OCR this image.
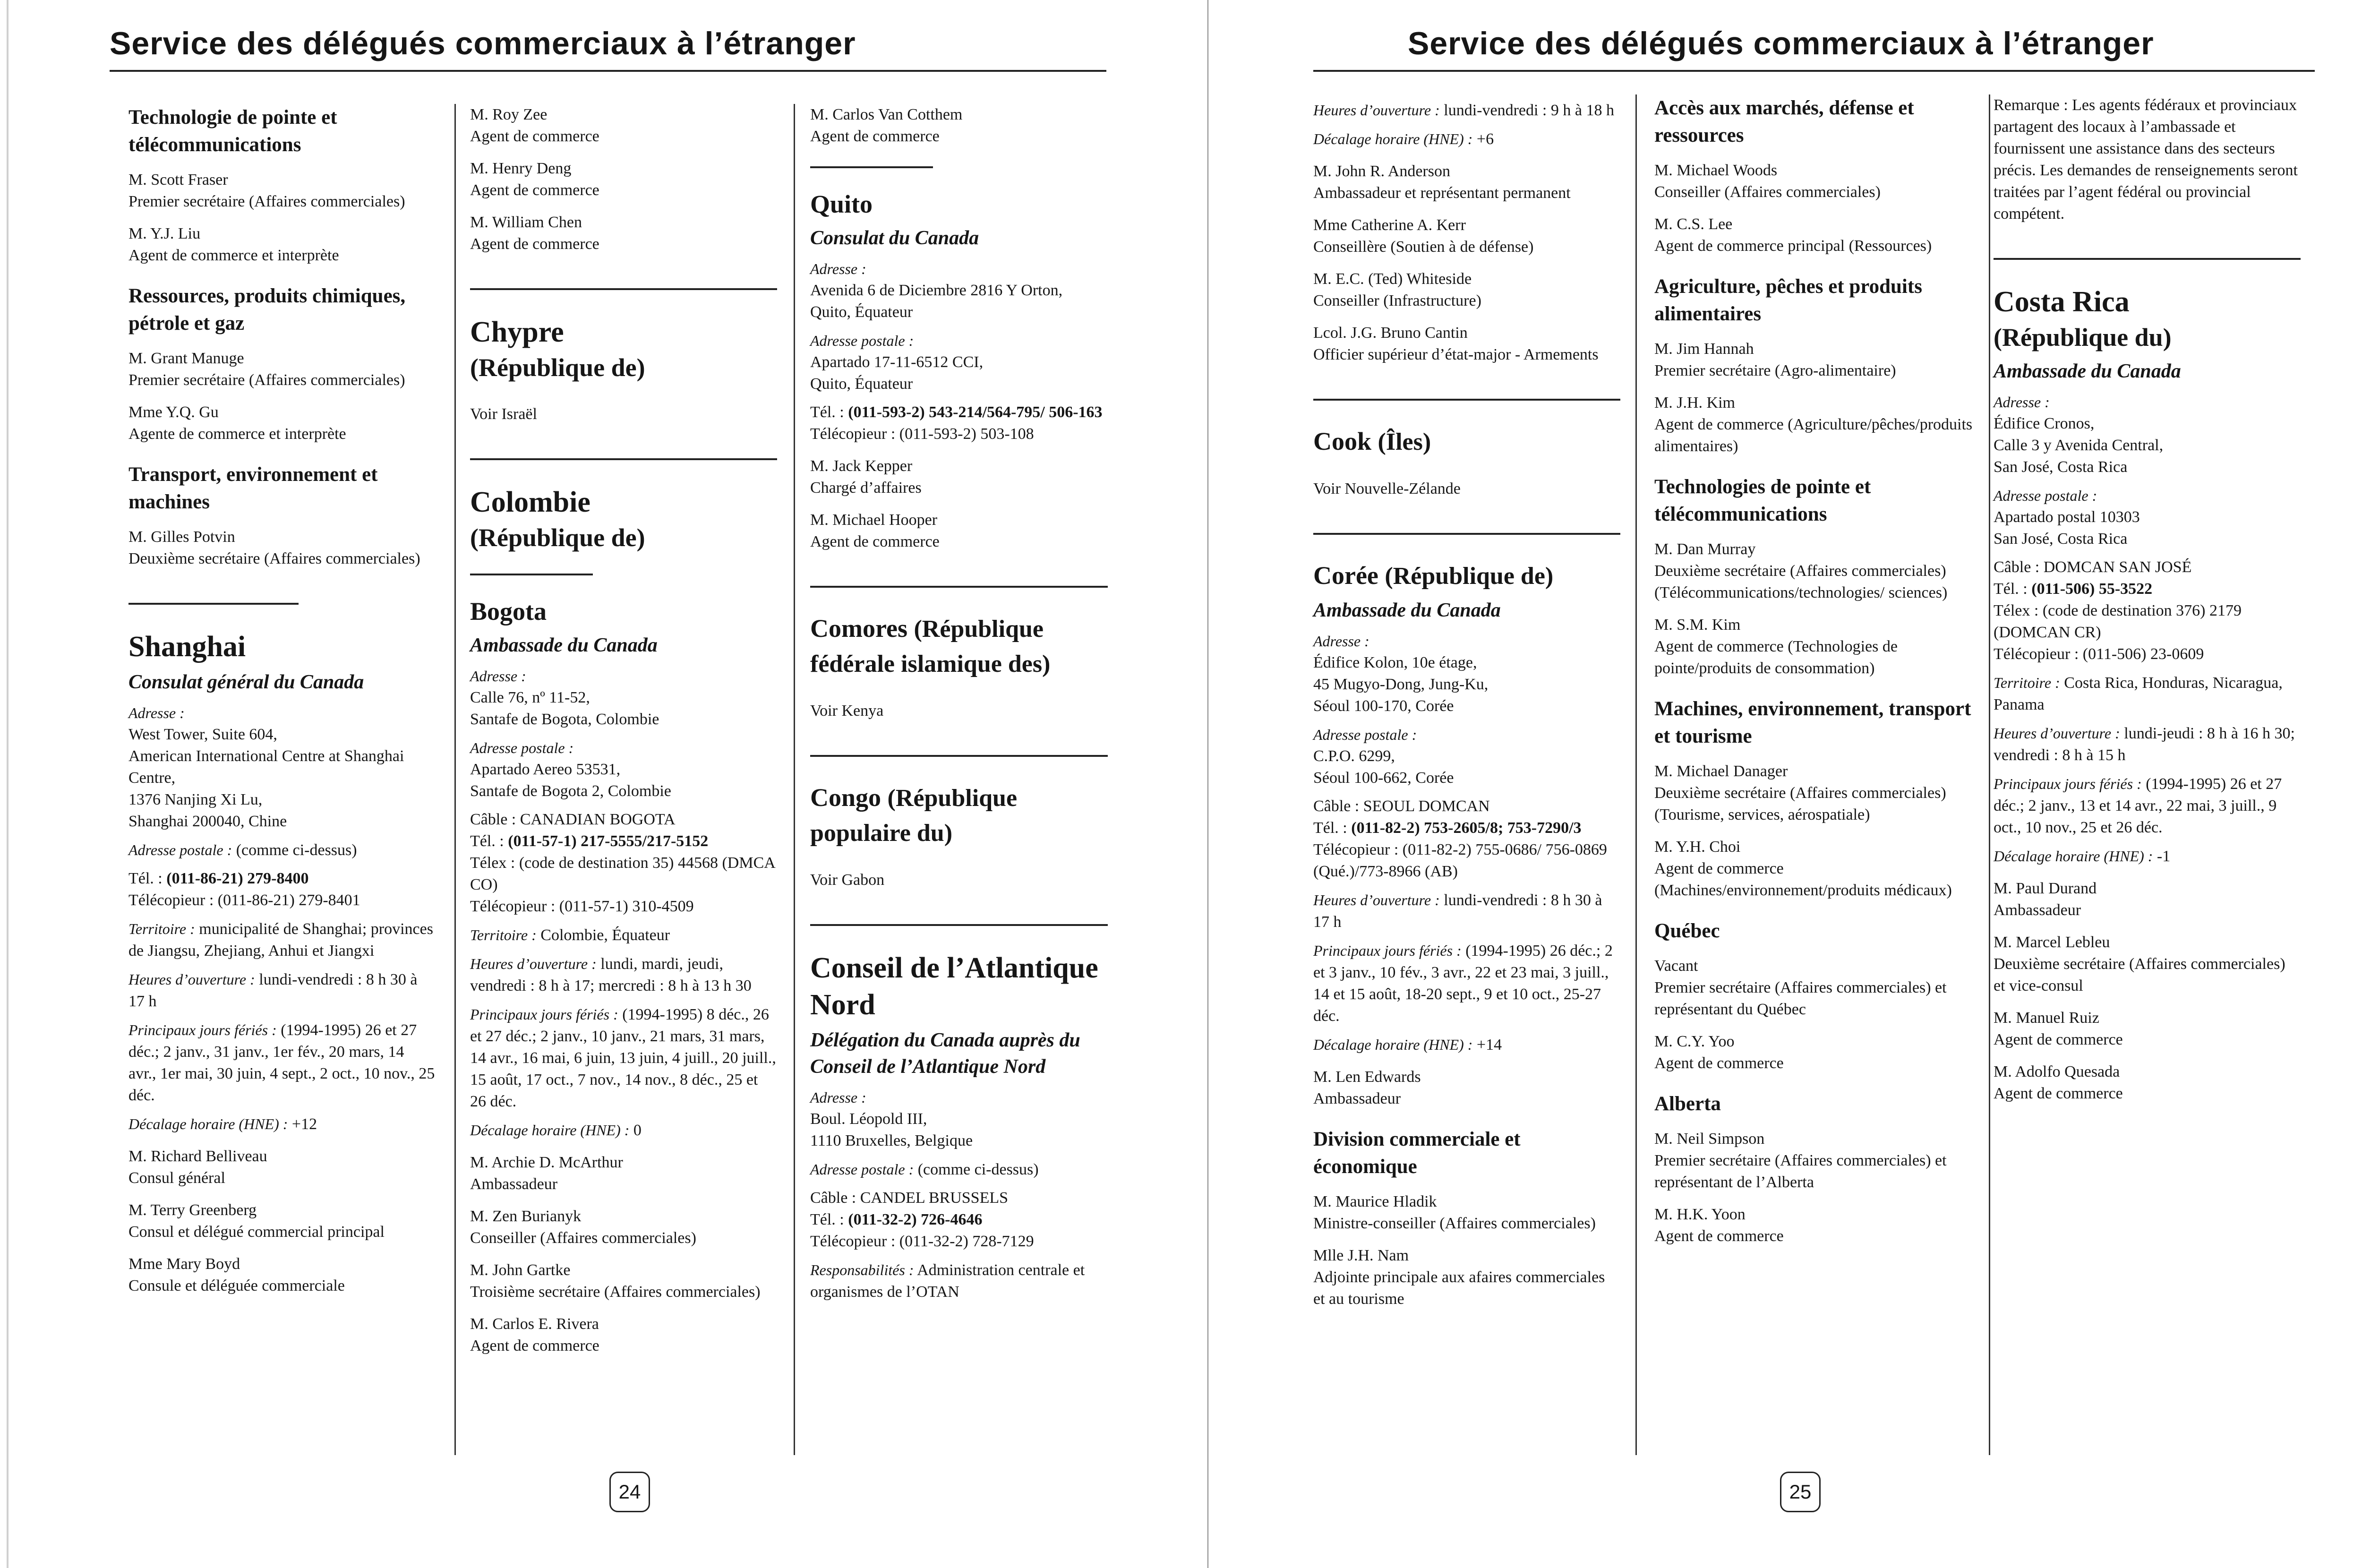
Service des délégués commerciaux à l’étranger

Technologie de pointe et télécommunications

M. Scott Fraser

Premier secrétaire (Affaires commerciales)

M. Y.J. Liu

Agent de commerce et interprète

Ressources, produits chimiques, pétrole et gaz

M. Grant Manuge

Premier secrétaire (Affaires commerciales)

Mme Y.Q. Gu

Agente de commerce et interprète

Transport, environnement et machines

M. Gilles Potvin

Deuxième secrétaire (Affaires commerciales)

Shanghai

Consulat général du Canada

Adresse :

West Tower, Suite 604,

American International Centre at Shanghai Centre,

1376 Nanjing Xi Lu,

Shanghai 200040, Chine

Adresse postale : (comme ci-dessus)

Tél. : (011-86-21) 279-8400

Télécopieur : (011-86-21) 279-8401

Territoire : municipalité de Shanghai; provinces de Jiangsu, Zhejiang, Anhui et Jiangxi

Heures d’ouverture : lundi-vendredi : 8 h 30 à 17 h

Principaux jours fériés : (1994-1995) 26 et 27 déc.; 2 janv., 31 janv., 1er fév., 20 mars, 14 avr., 1er mai, 30 juin, 4 sept., 2 oct., 10 nov., 25 déc.

Décalage horaire (HNE) : +12

M. Richard Belliveau

Consul général

M. Terry Greenberg

Consul et délégué commercial principal

Mme Mary Boyd

Consule et déléguée commerciale

M. Roy Zee

Agent de commerce

M. Henry Deng

Agent de commerce

M. William Chen

Agent de commerce

Chypre

(République de)

Voir Israël

Colombie

(République de)

Bogota

Ambassade du Canada

Adresse :

Calle 76, nº 11-52,

Santafe de Bogota, Colombie

Adresse postale :

Apartado Aereo 53531,

Santafe de Bogota 2, Colombie

Câble : CANADIAN BOGOTA

Tél. : (011-57-1) 217-5555/217-5152

Télex : (code de destination 35) 44568 (DMCA CO)

Télécopieur : (011-57-1) 310-4509

Territoire : Colombie, Équateur

Heures d’ouverture : lundi, mardi, jeudi, vendredi : 8 h à 17; mercredi : 8 h à 13 h 30

Principaux jours fériés : (1994-1995) 8 déc., 26 et 27 déc.; 2 janv., 10 janv., 21 mars, 31 mars, 14 avr., 16 mai, 6 juin, 13 juin, 4 juill., 20 juill., 15 août, 17 oct., 7 nov., 14 nov., 8 déc., 25 et 26 déc.

Décalage horaire (HNE) : 0

M. Archie D. McArthur

Ambassadeur

M. Zen Burianyk

Conseiller (Affaires commerciales)

M. John Gartke

Troisième secrétaire (Affaires commerciales)

M. Carlos E. Rivera

Agent de commerce

M. Carlos Van Cotthem

Agent de commerce

Quito

Consulat du Canada

Adresse :

Avenida 6 de Diciembre 2816 Y Orton,

Quito, Équateur

Adresse postale :

Apartado 17-11-6512 CCI,

Quito, Équateur

Tél. : (011-593-2) 543-214/564-795/ 506-163

Télécopieur : (011-593-2) 503-108

M. Jack Kepper

Chargé d’affaires

M. Michael Hooper

Agent de commerce

Comores (République fédérale islamique des)

Voir Kenya

Congo (République populaire du)

Voir Gabon

Conseil de l’Atlantique Nord

Délégation du Canada auprès du Conseil de l’Atlantique Nord

Adresse :

Boul. Léopold III,

1110 Bruxelles, Belgique

Adresse postale : (comme ci-dessus)

Câble : CANDEL BRUSSELS

Tél. : (011-32-2) 726-4646

Télécopieur : (011-32-2) 728-7129

Responsabilités : Administration centrale et organismes de l’OTAN

24
Service des délégués commerciaux à l’étranger

Heures d’ouverture : lundi-vendredi : 9 h à 18 h

Décalage horaire (HNE) : +6

M. John R. Anderson

Ambassadeur et représentant permanent

Mme Catherine A. Kerr

Conseillère (Soutien à de défense)

M. E.C. (Ted) Whiteside

Conseiller (Infrastructure)

Lcol. J.G. Bruno Cantin

Officier supérieur d’état-major - Armements

Cook (Îles)

Voir Nouvelle-Zélande

Corée (République de)

Ambassade du Canada

Adresse :

Édifice Kolon, 10e étage,

45 Mugyo-Dong, Jung-Ku,

Séoul 100-170, Corée

Adresse postale :

C.P.O. 6299,

Séoul 100-662, Corée

Câble : SEOUL DOMCAN

Tél. : (011-82-2) 753-2605/8; 753-7290/3

Télécopieur : (011-82-2) 755-0686/ 756-0869 (Qué.)/773-8966 (AB)

Heures d’ouverture : lundi-vendredi : 8 h 30 à 17 h

Principaux jours fériés : (1994-1995) 26 déc.; 2 et 3 janv., 10 fév., 3 avr., 22 et 23 mai, 3 juill., 14 et 15 août, 18-20 sept., 9 et 10 oct., 25-27 déc.

Décalage horaire (HNE) : +14

M. Len Edwards

Ambassadeur

Division commerciale et économique

M. Maurice Hladik

Ministre-conseiller (Affaires commerciales)

Mlle J.H. Nam

Adjointe principale aux afaires commerciales et au tourisme

Accès aux marchés, défense et ressources

M. Michael Woods

Conseiller (Affaires commerciales)

M. C.S. Lee

Agent de commerce principal (Ressources)

Agriculture, pêches et produits alimentaires

M. Jim Hannah

Premier secrétaire (Agro-alimentaire)

M. J.H. Kim

Agent de commerce (Agriculture/pêches/produits alimentaires)

Technologies de pointe et télécommunications

M. Dan Murray

Deuxième secrétaire (Affaires commerciales) (Télécommunications/technologies/ sciences)

M. S.M. Kim

Agent de commerce (Technologies de pointe/produits de consommation)

Machines, environnement, transport et tourisme

M. Michael Danager

Deuxième secrétaire (Affaires commerciales) (Tourisme, services, aérospatiale)

M. Y.H. Choi

Agent de commerce (Machines/environnement/produits médicaux)

Québec

Vacant

Premier secrétaire (Affaires commerciales) et représentant du Québec

M. C.Y. Yoo

Agent de commerce

Alberta

M. Neil Simpson

Premier secrétaire (Affaires commerciales) et représentant de l’Alberta

M. H.K. Yoon

Agent de commerce

Remarque : Les agents fédéraux et provinciaux partagent des locaux à l’ambassade et fournissent une assistance dans des secteurs précis. Les demandes de renseignements seront traitées par l’agent fédéral ou provincial compétent.

Costa Rica

(République du)

Ambassade du Canada

Adresse :

Édifice Cronos,

Calle 3 y Avenida Central,

San José, Costa Rica

Adresse postale :

Apartado postal 10303

San José, Costa Rica

Câble : DOMCAN SAN JOSÉ

Tél. : (011-506) 55-3522

Télex : (code de destination 376) 2179 (DOMCAN CR)

Télécopieur : (011-506) 23-0609

Territoire : Costa Rica, Honduras, Nicaragua, Panama

Heures d’ouverture : lundi-jeudi : 8 h à 16 h 30; vendredi : 8 h à 15 h

Principaux jours fériés : (1994-1995) 26 et 27 déc.; 2 janv., 13 et 14 avr., 22 mai, 3 juill., 9 oct., 10 nov., 25 et 26 déc.

Décalage horaire (HNE) : -1

M. Paul Durand

Ambassadeur

M. Marcel Lebleu

Deuxième secrétaire (Affaires commerciales) et vice-consul

M. Manuel Ruiz

Agent de commerce

M. Adolfo Quesada

Agent de commerce

25
